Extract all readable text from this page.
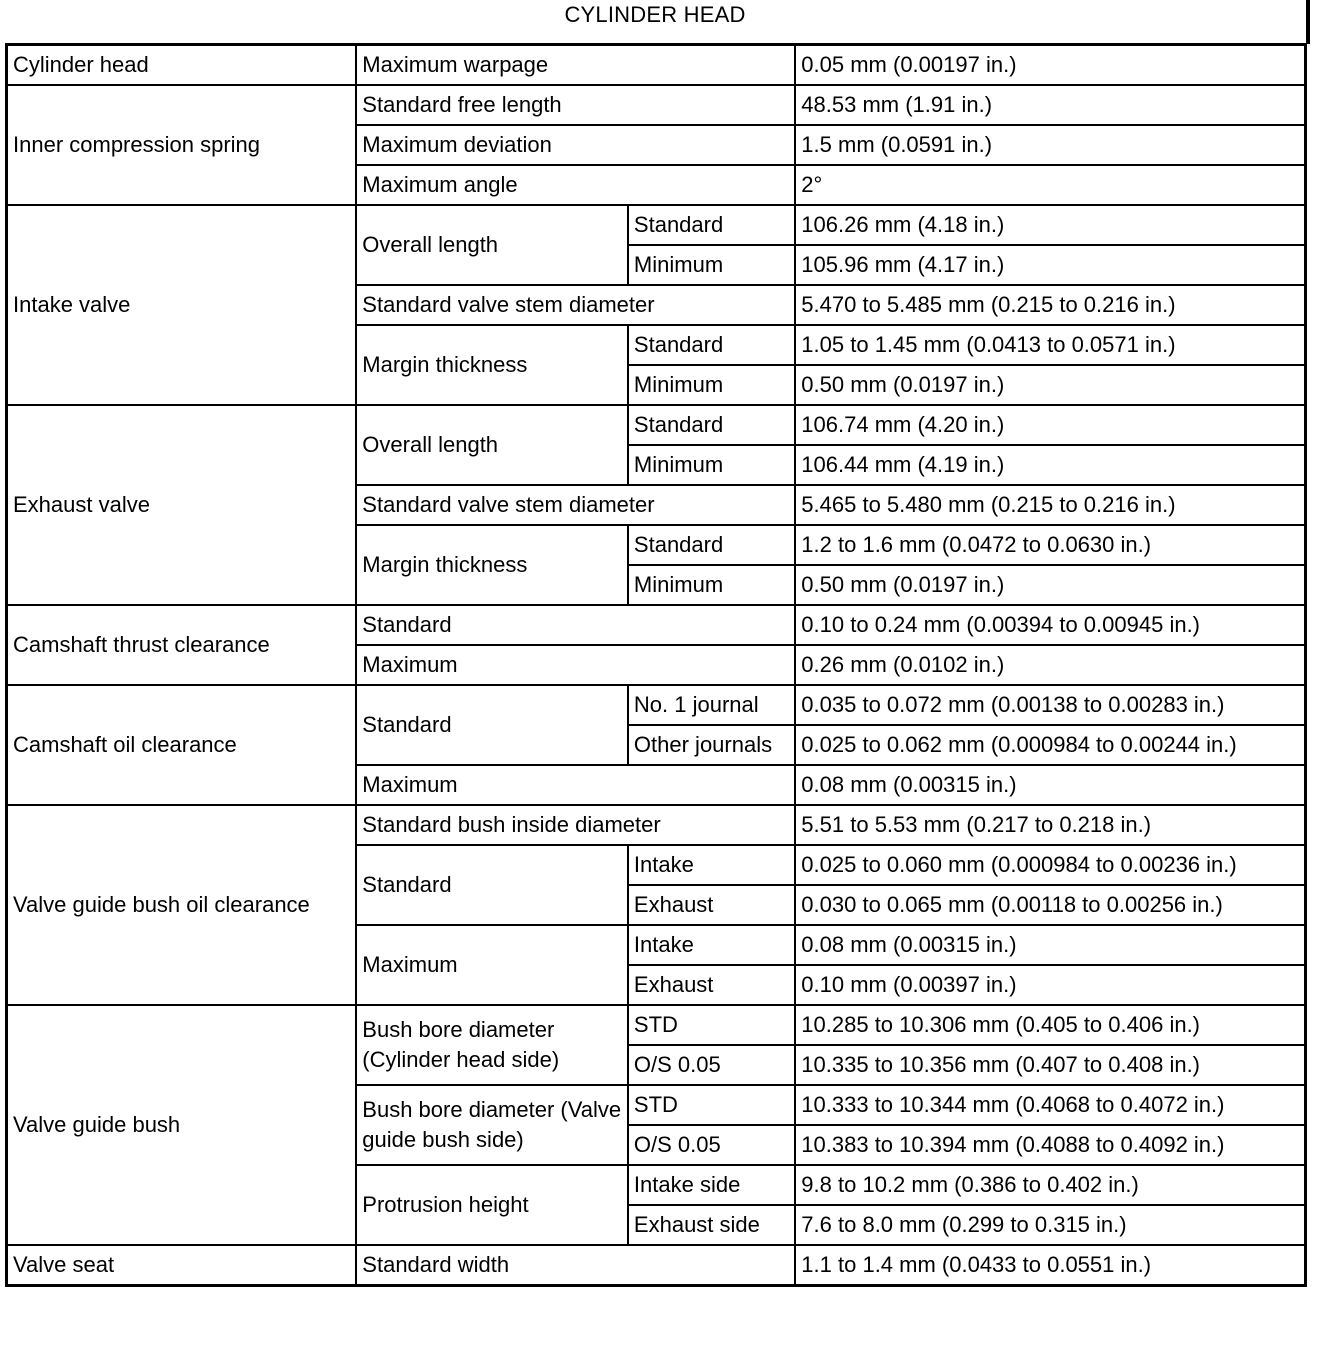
CYLINDER HEAD
Cylinder head	Maximum warpage		0.05 mm (0.00197 in.)
Inner compression spring	Standard free length		48.53 mm (1.91 in.)
	Maximum deviation		1.5 mm (0.0591 in.)
	Maximum angle		2°
Intake valve	Overall length	Standard	106.26 mm (4.18 in.)
		Minimum	105.96 mm (4.17 in.)
	Standard valve stem diameter		5.470 to 5.485 mm (0.215 to 0.216 in.)
	Margin thickness	Standard	1.05 to 1.45 mm (0.0413 to 0.0571 in.)
		Minimum	0.50 mm (0.0197 in.)
Exhaust valve	Overall length	Standard	106.74 mm (4.20 in.)
		Minimum	106.44 mm (4.19 in.)
	Standard valve stem diameter		5.465 to 5.480 mm (0.215 to 0.216 in.)
	Margin thickness	Standard	1.2 to 1.6 mm (0.0472 to 0.0630 in.)
		Minimum	0.50 mm (0.0197 in.)
Camshaft thrust clearance	Standard		0.10 to 0.24 mm (0.00394 to 0.00945 in.)
	Maximum		0.26 mm (0.0102 in.)
Camshaft oil clearance	Standard	No. 1 journal	0.035 to 0.072 mm (0.00138 to 0.00283 in.)
		Other journals	0.025 to 0.062 mm (0.000984 to 0.00244 in.)
	Maximum		0.08 mm (0.00315 in.)
Valve guide bush oil clearance	Standard bush inside diameter		5.51 to 5.53 mm (0.217 to 0.218 in.)
	Standard	Intake	0.025 to 0.060 mm (0.000984 to 0.00236 in.)
		Exhaust	0.030 to 0.065 mm (0.00118 to 0.00256 in.)
	Maximum	Intake	0.08 mm (0.00315 in.)
		Exhaust	0.10 mm (0.00397 in.)
Valve guide bush	Bush bore diameter (Cylinder head side)	STD	10.285 to 10.306 mm (0.405 to 0.406 in.)
		O/S 0.05	10.335 to 10.356 mm (0.407 to 0.408 in.)
	Bush bore diameter (Valve guide bush side)	STD	10.333 to 10.344 mm (0.4068 to 0.4072 in.)
		O/S 0.05	10.383 to 10.394 mm (0.4088 to 0.4092 in.)
	Protrusion height	Intake side	9.8 to 10.2 mm (0.386 to 0.402 in.)
		Exhaust side	7.6 to 8.0 mm (0.299 to 0.315 in.)
Valve seat	Standard width		1.1 to 1.4 mm (0.0433 to 0.0551 in.)
